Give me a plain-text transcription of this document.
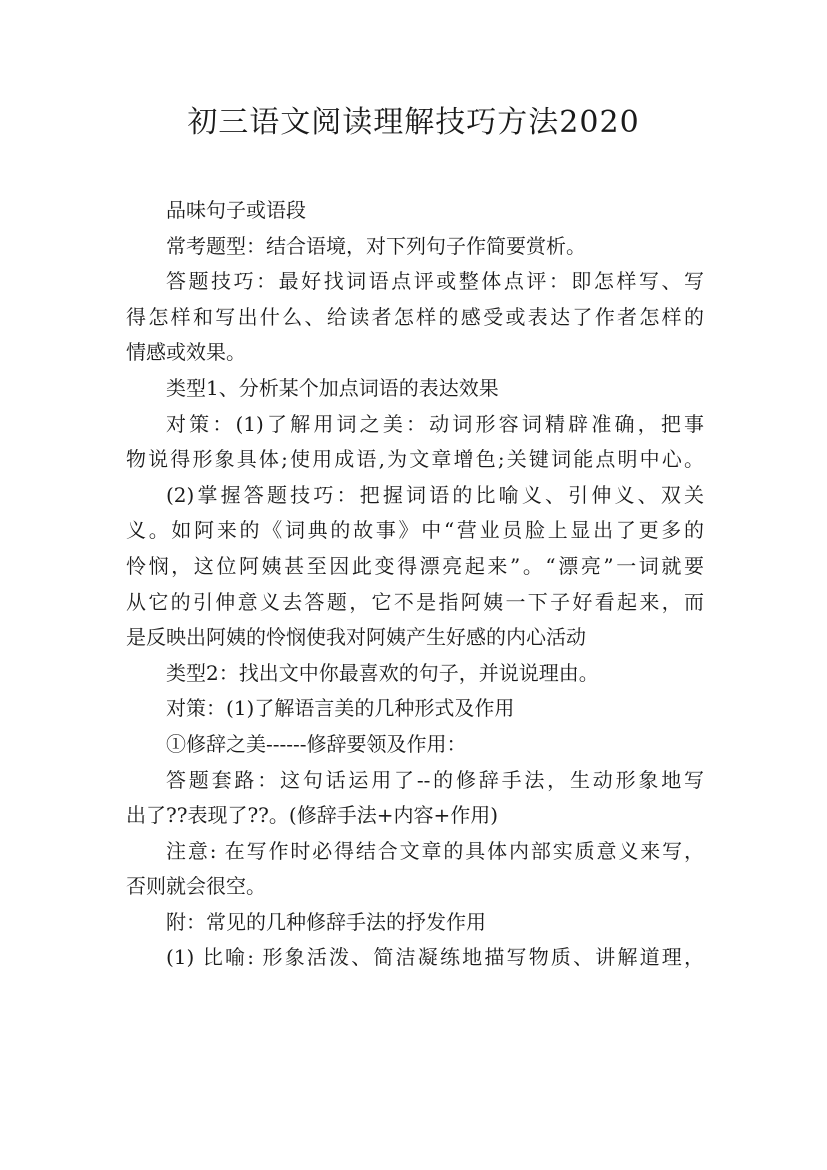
初三语文阅读理解技巧方法2020
品味句子或语段
常考题型：结合语境，对下列句子作简要赏析。
答题技巧：最好找词语点评或整体点评：即怎样写、写
得怎样和写出什么、给读者怎样的感受或表达了作者怎样的
情感或效果。
类型1、分析某个加点词语的表达效果
对策：(1)了解用词之美：动词形容词精辟准确，把事
物说得形象具体;使用成语,为文章增色;关键词能点明中心。
(2)掌握答题技巧：把握词语的比喻义、引伸义、双关
义。如阿来的《词典的故事》中“营业员脸上显出了更多的
怜悯，这位阿姨甚至因此变得漂亮起来”。“漂亮”一词就要
从它的引伸意义去答题，它不是指阿姨一下子好看起来，而
是反映出阿姨的怜悯使我对阿姨产生好感的内心活动
类型2：找出文中你最喜欢的句子，并说说理由。
对策：(1)了解语言美的几种形式及作用
①修辞之美------修辞要领及作用：
答题套路：这句话运用了--的修辞手法，生动形象地写
出了??表现了??。(修辞手法+内容+作用)
注意: 在写作时必得结合文章的具体内部实质意义来写，
否则就会很空。
附：常见的几种修辞手法的抒发作用
(1) 比喻: 形象活泼、简洁凝练地描写物质、讲解道理，
